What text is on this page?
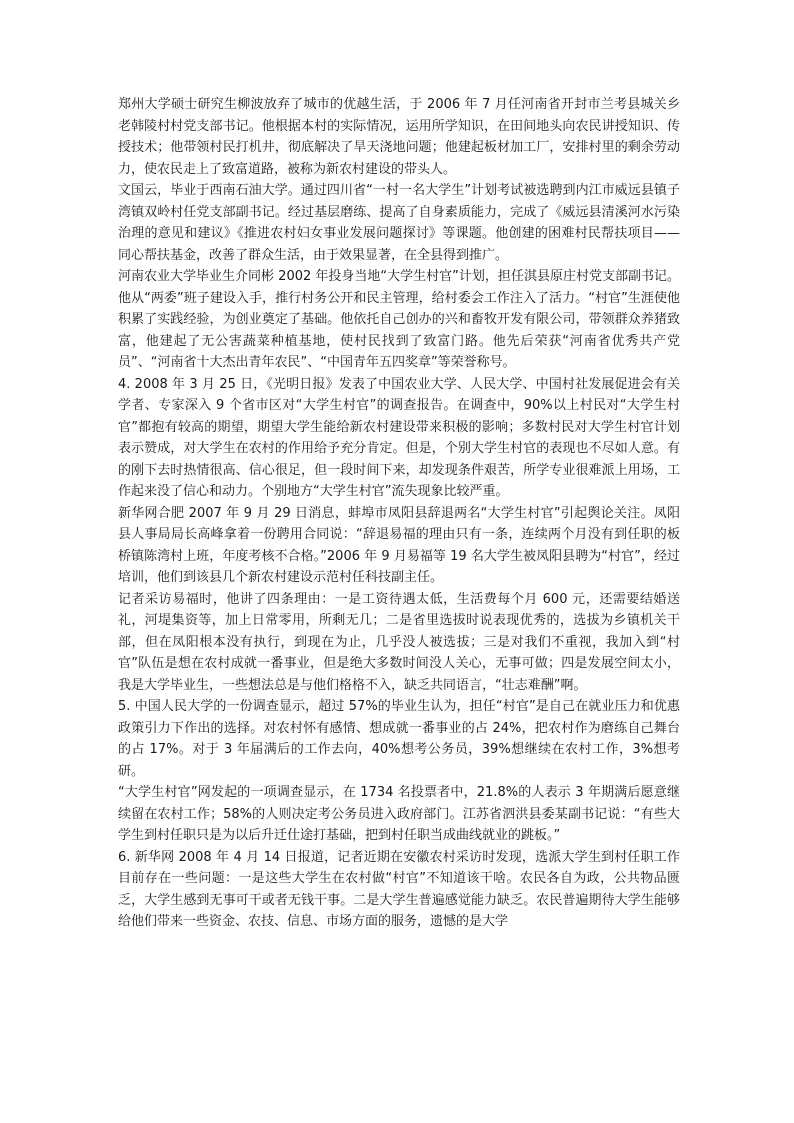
郑州大学硕士研究生柳波放弃了城市的优越生活，于 2006 年 7 月任河南省开封市兰考县城关乡老韩陵村村党支部书记。他根据本村的实际情况，运用所学知识，在田间地头向农民讲授知识、传授技术；他带领村民打机井，彻底解决了旱天浇地问题；他建起板材加工厂，安排村里的剩余劳动力，使农民走上了致富道路，被称为新农村建设的带头人。

文国云，毕业于西南石油大学。通过四川省“一村一名大学生”计划考试被选聘到内江市威远县镇子湾镇双岭村任党支部副书记。经过基层磨练、提高了自身素质能力，完成了《威远县清溪河水污染治理的意见和建议》《推进农村妇女事业发展问题探讨》等课题。他创建的困难村民帮扶项目——同心帮扶基金，改善了群众生活，由于效果显著，在全县得到推广。

河南农业大学毕业生介同彬 2002 年投身当地“大学生村官”计划，担任淇县原庄村党支部副书记。他从“两委”班子建设入手，推行村务公开和民主管理，给村委会工作注入了活力。“村官”生涯使他积累了实践经验，为创业奠定了基础。他依托自己创办的兴和畜牧开发有限公司，带领群众养猪致富，他建起了无公害蔬菜种植基地，使村民找到了致富门路。他先后荣获“河南省优秀共产党员”、“河南省十大杰出青年农民”、“中国青年五四奖章”等荣誉称号。

4. 2008 年 3 月 25 日，《光明日报》发表了中国农业大学、人民大学、中国村社发展促进会有关学者、专家深入 9 个省市区对“大学生村官”的调查报告。在调查中，90%以上村民对“大学生村官”都抱有较高的期望，期望大学生能给新农村建设带来积极的影响；多数村民对大学生村官计划表示赞成，对大学生在农村的作用给予充分肯定。但是，个别大学生村官的表现也不尽如人意。有的刚下去时热情很高、信心很足，但一段时间下来，却发现条件艰苦，所学专业很难派上用场，工作起来没了信心和动力。个别地方“大学生村官”流失现象比较严重。

新华网合肥 2007 年 9 月 29 日消息，蚌埠市凤阳县辞退两名“大学生村官”引起舆论关注。凤阳县人事局局长高峰拿着一份聘用合同说：“辞退易福的理由只有一条，连续两个月没有到任职的板桥镇陈湾村上班，年度考核不合格。”2006 年 9 月易福等 19 名大学生被凤阳县聘为“村官”，经过培训，他们到该县几个新农村建设示范村任科技副主任。

记者采访易福时，他讲了四条理由：一是工资待遇太低，生活费每个月 600 元，还需要结婚送礼，河堤集资等，加上日常零用，所剩无几；二是省里选拔时说表现优秀的，选拔为乡镇机关干部，但在凤阳根本没有执行，到现在为止，几乎没人被选拔；三是对我们不重视，我加入到“村官”队伍是想在农村成就一番事业，但是绝大多数时间没人关心，无事可做；四是发展空间太小，我是大学毕业生，一些想法总是与他们格格不入，缺乏共同语言，“壮志难酬”啊。

5. 中国人民大学的一份调查显示，超过 57%的毕业生认为，担任“村官”是自己在就业压力和优惠政策引力下作出的选择。对农村怀有感情、想成就一番事业的占 24%，把农村作为磨练自己舞台的占 17%。对于 3 年届满后的工作去向，40%想考公务员，39%想继续在农村工作，3%想考研。

“大学生村官”网发起的一项调查显示，在 1734 名投票者中，21.8%的人表示 3 年期满后愿意继续留在农村工作；58%的人则决定考公务员进入政府部门。江苏省泗洪县委某副书记说：“有些大学生到村任职只是为以后升迁仕途打基础，把到村任职当成曲线就业的跳板。”

6. 新华网 2008 年 4 月 14 日报道，记者近期在安徽农村采访时发现，选派大学生到村任职工作目前存在一些问题：一是这些大学生在农村做“村官”不知道该干啥。农民各自为政，公共物品匮乏，大学生感到无事可干或者无钱干事。二是大学生普遍感觉能力缺乏。农民普遍期待大学生能够给他们带来一些资金、农技、信息、市场方面的服务，遗憾的是大学
